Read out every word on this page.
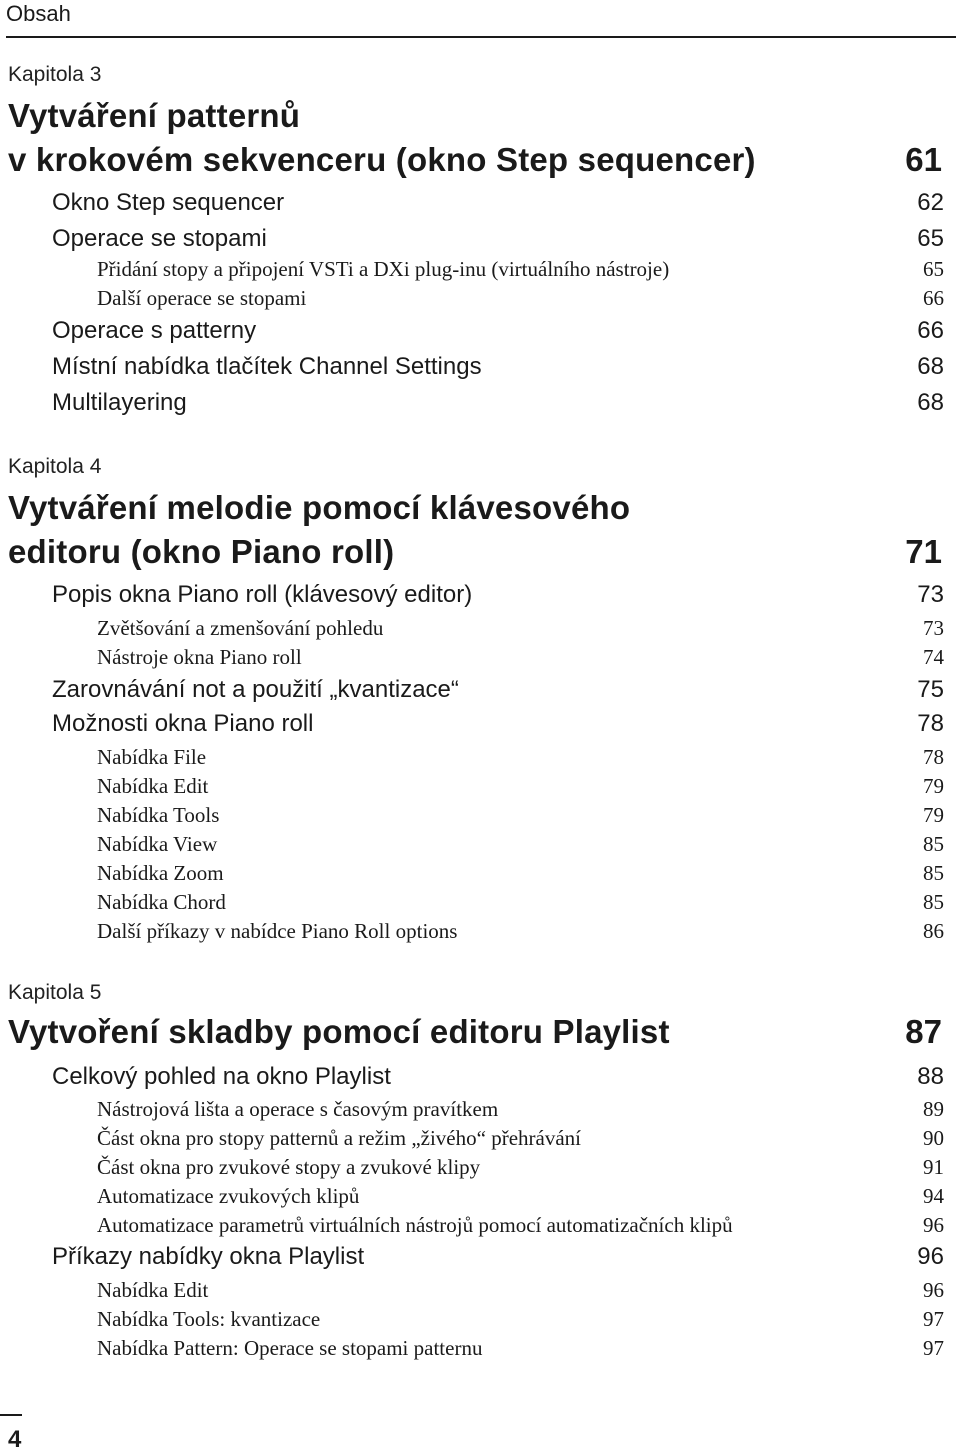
Obsah
Kapitola 3
Vytváření patternů
v krokovém sekvenceru (okno Step sequencer)	61
Okno Step sequencer	62
Operace se stopami	65
Přidání stopy a připojení VSTi a DXi plug-inu (virtuálního nástroje)	65
Další operace se stopami	66
Operace s patterny	66
Místní nabídka tlačítek Channel Settings	68
Multilayering	68
Kapitola 4
Vytváření melodie pomocí klávesového
editoru (okno Piano roll)	71
Popis okna Piano roll (klávesový editor)	73
Zvětšování a zmenšování pohledu	73
Nástroje okna Piano roll	74
Zarovnávání not a použití „kvantizace“	75
Možnosti okna Piano roll	78
Nabídka File	78
Nabídka Edit	79
Nabídka Tools	79
Nabídka View	85
Nabídka Zoom	85
Nabídka Chord	85
Další příkazy v nabídce Piano Roll options	86
Kapitola 5
Vytvoření skladby pomocí editoru Playlist	87
Celkový pohled na okno Playlist	88
Nástrojová lišta a operace s časovým pravítkem	89
Část okna pro stopy patternů a režim „živého“ přehrávání	90
Část okna pro zvukové stopy a zvukové klipy	91
Automatizace zvukových klipů	94
Automatizace parametrů virtuálních nástrojů pomocí automatizačních klipů	96
Příkazy nabídky okna Playlist	96
Nabídka Edit	96
Nabídka Tools: kvantizace	97
Nabídka Pattern: Operace se stopami patternu	97
4
